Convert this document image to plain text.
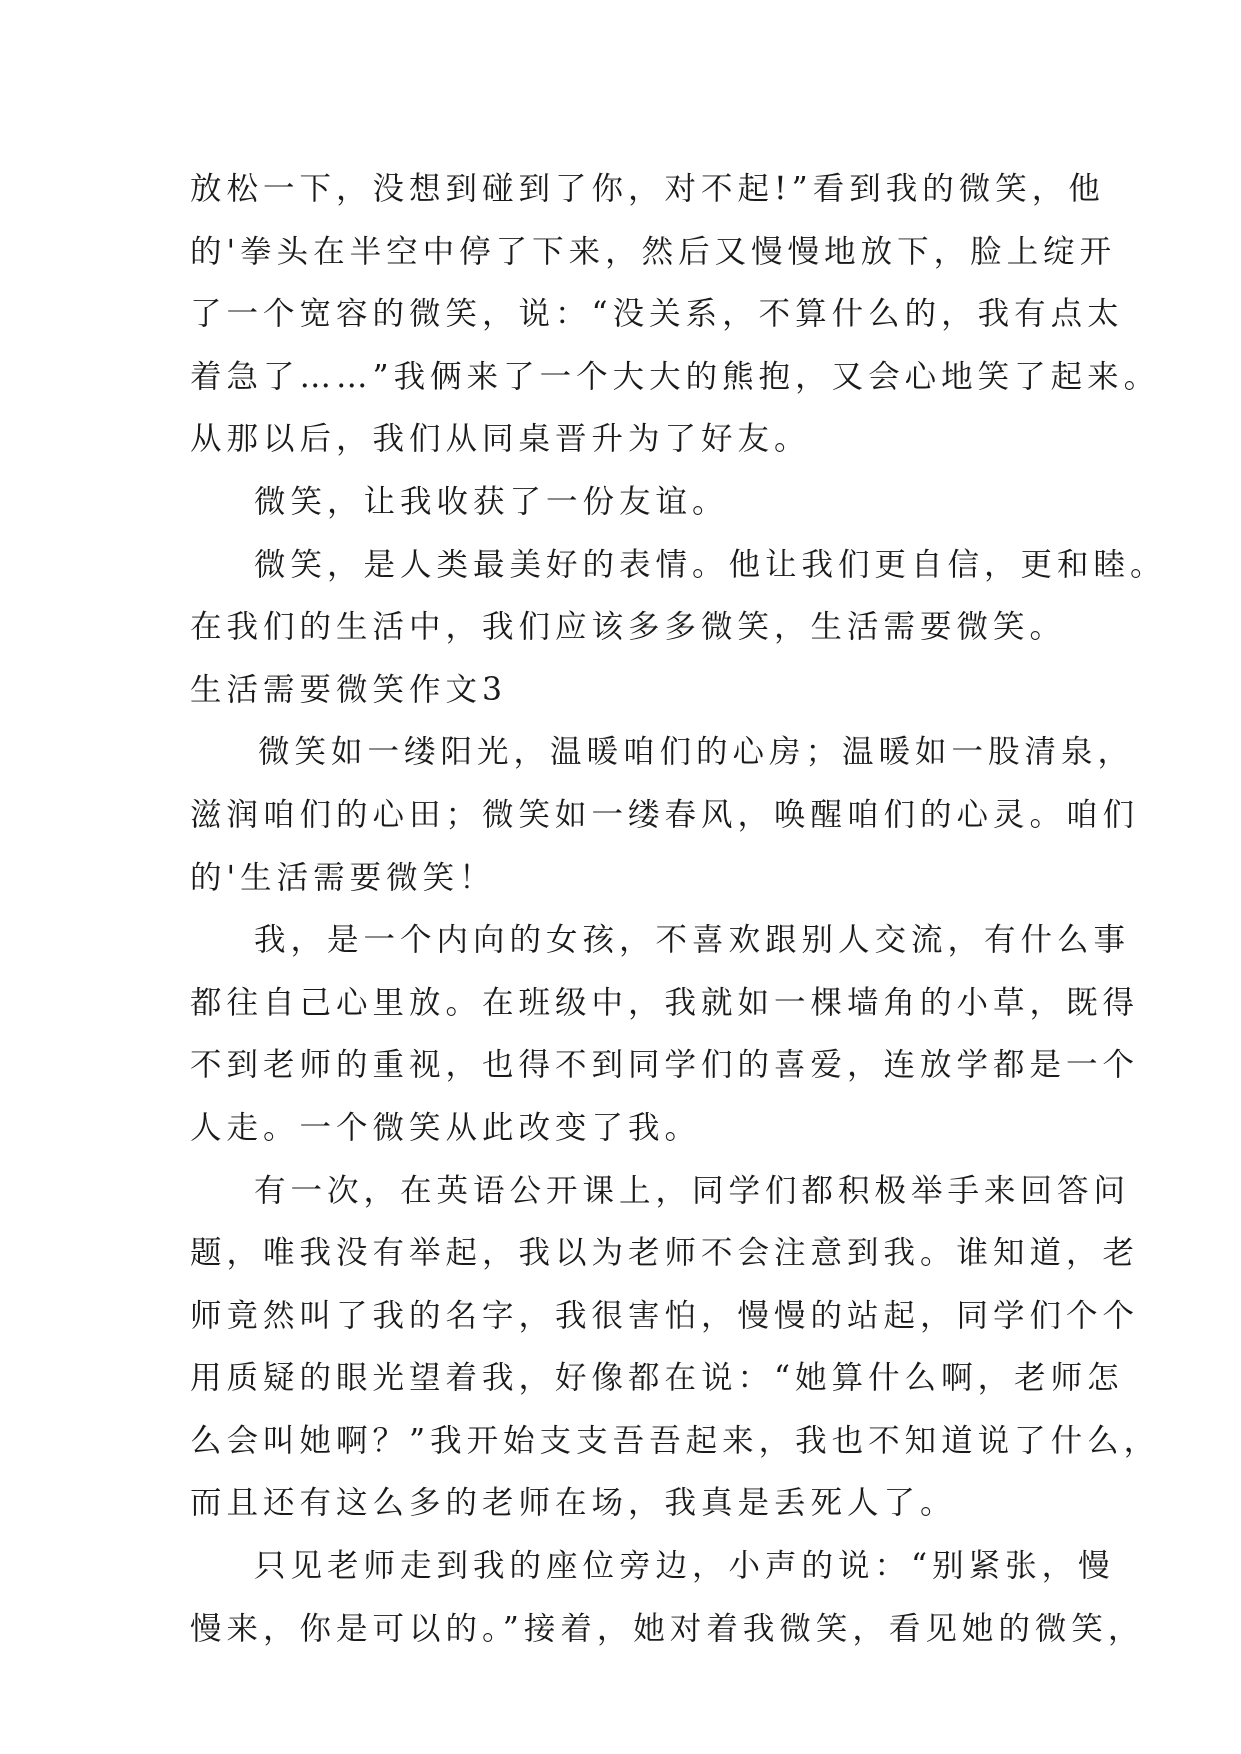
放松一下，没想到碰到了你，对不起!”看到我的微笑，他
的'拳头在半空中停了下来，然后又慢慢地放下，脸上绽开
了一个宽容的微笑，说：“没关系，不算什么的，我有点太
着急了……”我俩来了一个大大的熊抱，又会心地笑了起来。
从那以后，我们从同桌晋升为了好友。
微笑，让我收获了一份友谊。
微笑，是人类最美好的表情。他让我们更自信，更和睦。
在我们的生活中，我们应该多多微笑，生活需要微笑。
生活需要微笑作文3
微笑如一缕阳光，温暖咱们的心房；温暖如一股清泉，
滋润咱们的心田；微笑如一缕春风，唤醒咱们的心灵。咱们
的'生活需要微笑！
我，是一个内向的女孩，不喜欢跟别人交流，有什么事
都往自己心里放。在班级中，我就如一棵墙角的小草，既得
不到老师的重视，也得不到同学们的喜爱，连放学都是一个
人走。一个微笑从此改变了我。
有一次，在英语公开课上，同学们都积极举手来回答问
题，唯我没有举起，我以为老师不会注意到我。谁知道，老
师竟然叫了我的名字，我很害怕，慢慢的站起，同学们个个
用质疑的眼光望着我，好像都在说：“她算什么啊，老师怎
么会叫她啊？”我开始支支吾吾起来，我也不知道说了什么，
而且还有这么多的老师在场，我真是丢死人了。
只见老师走到我的座位旁边，小声的说：“别紧张，慢
慢来，你是可以的。”接着，她对着我微笑，看见她的微笑，
